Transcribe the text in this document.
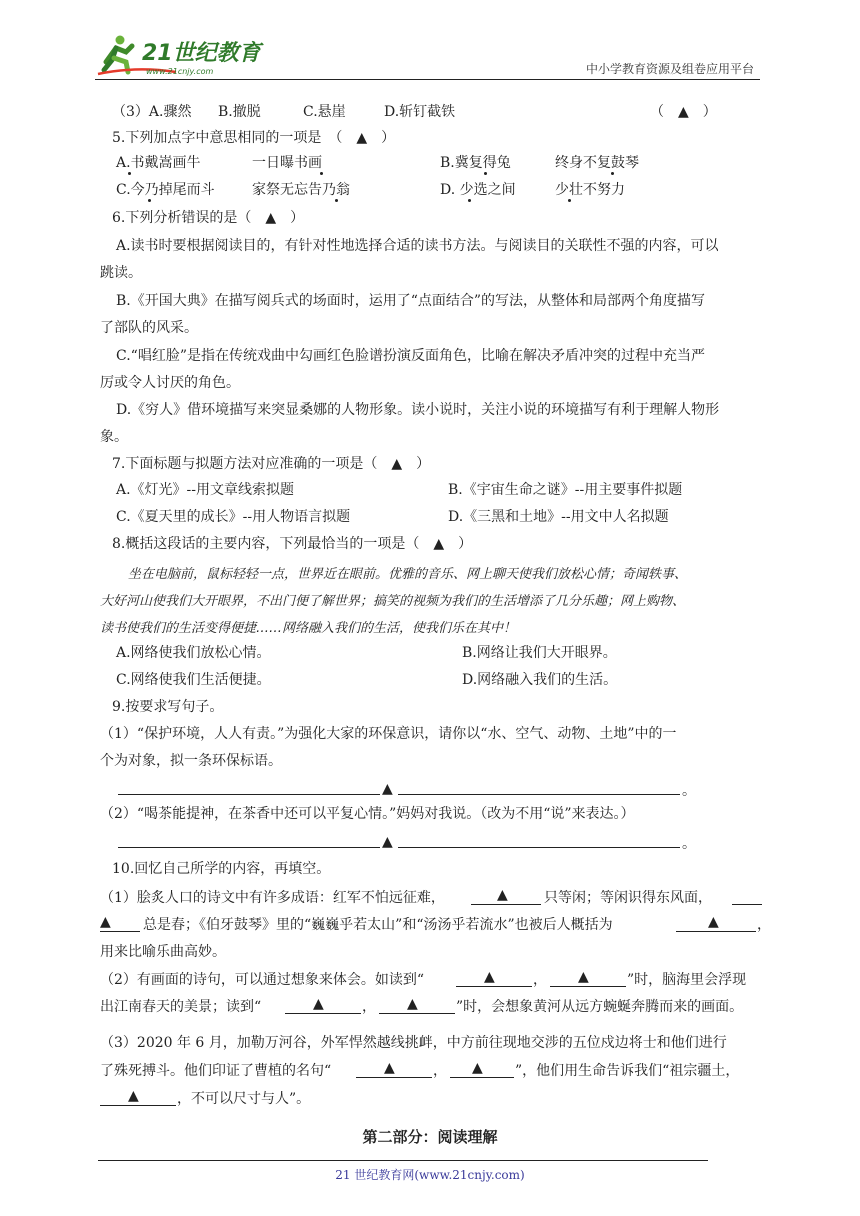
21世纪教育
www.21cnjy.com	中小学教育资源及组卷应用平台
（3）A.骤然 B.撤脱	C.悬崖	D.斩钉截铁	（　▲　）
5.下列加点字中意思相同的一项是　（　▲　）
A.书戴嵩画牛	一日曝书画	B.冀复得兔	终身不复鼓琴
C.今乃掉尾而斗	家祭无忘告乃翁	D. 少选之间	少壮不努力
6.下列分析错误的是（　▲　）
A.读书时要根据阅读目的，有针对性地选择合适的读书方法。与阅读目的关联性不强的内容，可以
跳读。
B.《开国大典》在描写阅兵式的场面时，运用了“点面结合”的写法，从整体和局部两个角度描写
了部队的风采。
C.“唱红脸”是指在传统戏曲中勾画红色脸谱扮演反面角色，比喻在解决矛盾冲突的过程中充当严
厉或令人讨厌的角色。
D.《穷人》借环境描写来突显桑娜的人物形象。读小说时，关注小说的环境描写有利于理解人物形
象。
7.下面标题与拟题方法对应准确的一项是（　▲　）
A.《灯光》--用文章线索拟题	B.《宇宙生命之谜》--用主要事件拟题
C.《夏天里的成长》--用人物语言拟题	D.《三黑和土地》--用文中人名拟题
8.概括这段话的主要内容，下列最恰当的一项是（　▲　）
坐在电脑前，鼠标轻轻一点，世界近在眼前。优雅的音乐、网上聊天使我们放松心情；奇闻轶事、
大好河山使我们大开眼界，不出门便了解世界；搞笑的视频为我们的生活增添了几分乐趣；网上购物、
读书使我们的生活变得便捷……网络融入我们的生活，使我们乐在其中！
A.网络使我们放松心情。	B.网络让我们大开眼界。
C.网络使我们生活便捷。	D.网络融入我们的生活。
9.按要求写句子。
（1）“保护环境，人人有责。”为强化大家的环保意识，请你以“水、空气、动物、土地”中的一
个为对象，拟一条环保标语。
▲	。
（2）“喝茶能提神，在茶香中还可以平复心情。”妈妈对我说。（改为不用“说”来表达。）
▲	。
10.回忆自己所学的内容，再填空。
（1）脍炙人口的诗文中有许多成语：红军不怕远征难，	▲	只等闲；等闲识得东风面，
▲ 总是春；《伯牙鼓琴》里的“巍巍乎若太山”和“汤汤乎若流水”也被后人概括为	▲	，
用来比喻乐曲高妙。
（2）有画面的诗句，可以通过想象来体会。如读到“	▲	， ▲	”时，脑海里会浮现
出江南春天的美景；读到“	▲	， ▲	”时，会想象黄河从远方蜿蜒奔腾而来的画面。
（3）2020 年 6 月，加勒万河谷，外军悍然越线挑衅，中方前往现地交涉的五位戍边将士和他们进行
了殊死搏斗。他们印证了曹植的名句“	▲	， ▲ ”，他们用生命告诉我们“祖宗疆土，
▲	，不可以尺寸与人”。
第二部分：阅读理解
21 世纪教育网(www.21cnjy.com)
